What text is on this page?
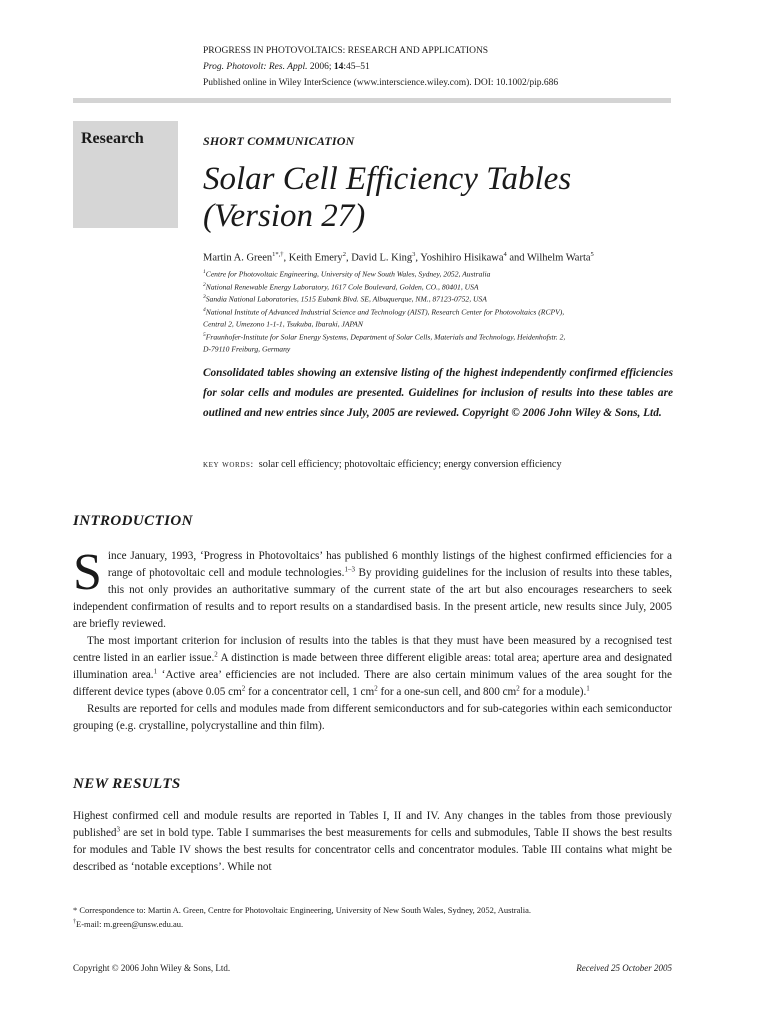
PROGRESS IN PHOTOVOLTAICS: RESEARCH AND APPLICATIONS
Prog. Photovolt: Res. Appl. 2006; 14:45–51
Published online in Wiley InterScience (www.interscience.wiley.com). DOI: 10.1002/pip.686
Research	SHORT COMMUNICATION
Solar Cell Efficiency Tables
(Version 27)
Martin A. Green$^{1*,\dagger}$, Keith Emery$^2$, David L. King$^3$, Yoshihiro Hisikawa$^4$ and Wilhelm Warta$^5$
$^1$Centre for Photovoltaic Engineering, University of New South Wales, Sydney, 2052, Australia
$^2$National Renewable Energy Laboratory, 1617 Cole Boulevard, Golden, CO., 80401, USA
$^3$Sandia National Laboratories, 1515 Eubank Blvd. SE, Albuquerque, NM., 87123-0752, USA
$^4$National Institute of Advanced Industrial Science and Technology (AIST), Research Center for Photovoltaics (RCPV),
Central 2, Umezono 1-1-1, Tsukuba, Ibaraki, JAPAN
$^5$Fraunhofer-Institute for Solar Energy Systems, Department of Solar Cells, Materials and Technology, Heidenhofstr. 2,
D-79110 Freiburg, Germany
Consolidated tables showing an extensive listing of the highest independently confirmed efficiencies for solar cells and modules are presented. Guidelines for inclusion of results into these tables are outlined and new entries since July, 2005 are reviewed. Copyright © 2006 John Wiley & Sons, Ltd.
key words: solar cell efficiency; photovoltaic efficiency; energy conversion efficiency
INTRODUCTION

Since January, 1993, ‘Progress in Photovoltaics’ has published 6 monthly listings of the highest confirmed efficiencies for a range of photovoltaic cell and module technologies.$^{1-3}$ By providing guidelines for the inclusion of results into these tables, this not only provides an authoritative summary of the current state of the art but also encourages researchers to seek independent confirmation of results and to report results on a standardised basis. In the present article, new results since July, 2005 are briefly reviewed.

The most important criterion for inclusion of results into the tables is that they must have been measured by a recognised test centre listed in an earlier issue.$^2$ A distinction is made between three different eligible areas: total area; aperture area and designated illumination area.$^1$ ‘Active area’ efficiencies are not included. There are also certain minimum values of the area sought for the different device types (above 0.05 $cm^2$ for a concentrator cell, 1 $cm^2$ for a one-sun cell, and 800 $cm^2$ for a module).$^1$

Results are reported for cells and modules made from different semiconductors and for sub-categories within each semiconductor grouping (e.g. crystalline, polycrystalline and thin film).

NEW RESULTS

Highest confirmed cell and module results are reported in Tables I, II and IV. Any changes in the tables from those previously published$^3$ are set in bold type. Table I summarises the best measurements for cells and submodules, Table II shows the best results for modules and Table IV shows the best results for concentrator cells and concentrator modules. Table III contains what might be described as ‘notable exceptions’. While not

* Correspondence to: Martin A. Green, Centre for Photovoltaic Engineering, University of New South Wales, Sydney, 2052, Australia.
†E-mail: m.green@unsw.edu.au.
Copyright © 2006 John Wiley & Sons, Ltd.	Received 25 October 2005
